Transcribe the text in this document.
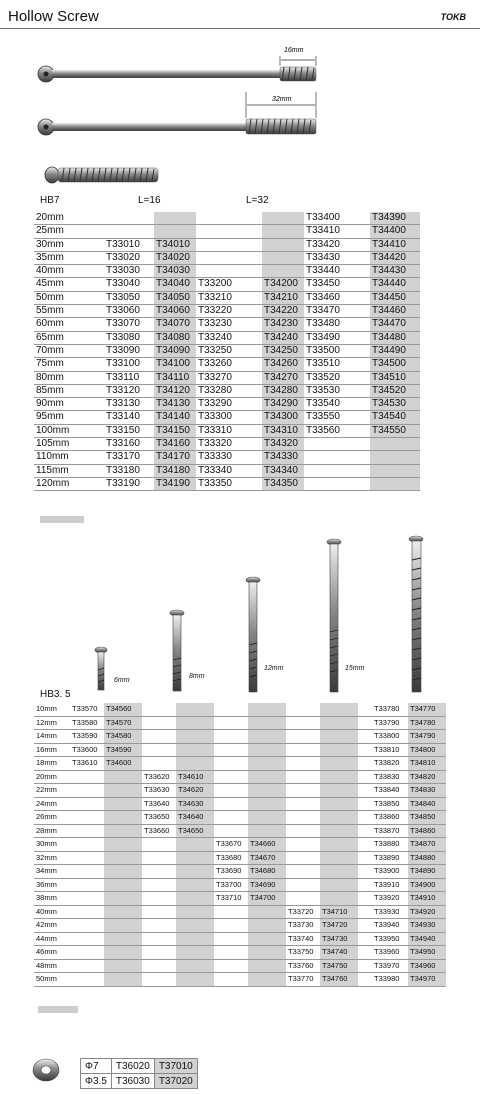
Hollow Screw	TOKB
16mm
32mm
HB7	L=16	L=32
20mm					T33400	T34390
25mm					T33410	T34400
30mm	T33010	T34010			T33420	T34410
35mm	T33020	T34020			T33430	T34420
40mm	T33030	T34030			T33440	T34430
45mm	T33040	T34040	T33200	T34200	T33450	T34440
50mm	T33050	T34050	T33210	T34210	T33460	T34450
55mm	T33060	T34060	T33220	T34220	T33470	T34460
60mm	T33070	T34070	T33230	T34230	T33480	T34470
65mm	T33080	T34080	T33240	T34240	T33490	T34480
70mm	T33090	T34090	T33250	T34250	T33500	T34490
75mm	T33100	T34100	T33260	T34260	T33510	T34500
80mm	T33110	T34110	T33270	T34270	T33520	T34510
85mm	T33120	T34120	T33280	T34280	T33530	T34520
90mm	T33130	T34130	T33290	T34290	T33540	T34530
95mm	T33140	T34140	T33300	T34300	T33550	T34540
100mm	T33150	T34150	T33310	T34310	T33560	T34550
105mm	T33160	T34160	T33320	T34320		
110mm	T33170	T34170	T33330	T34330		
115mm	T33180	T34180	T33340	T34340		
120mm	T33190	T34190	T33350	T34350		
6mm
8mm
12mm	15mm
HB3. 5
10mm	T33570	T34560									T33780	T34770
12mm	T33580	T34570									T33790	T34780
14mm	T33590	T34580									T33800	T34790
16mm	T33600	T34590									T33810	T34800
18mm	T33610	T34600									T33820	T34810
20mm			T33620	T34610							T33830	T34820
22mm			T33630	T34620							T33840	T34830
24mm			T33640	T34630							T33850	T34840
26mm			T33650	T34640							T33860	T34850
28mm			T33660	T34650							T33870	T34860
30mm					T33670	T34660					T33880	T34870
32mm					T33680	T34670					T33890	T34880
34mm					T33690	T34680					T33900	T34890
36mm					T33700	T34690					T33910	T34900
38mm					T33710	T34700					T33920	T34910
40mm							T33720	T34710			T33930	T34920
42mm							T33730	T34720			T33940	T34930
44mm							T33740	T34730			T33950	T34940
46mm							T33750	T34740			T33960	T34950
48mm							T33760	T34750			T33970	T34960
50mm							T33770	T34760			T33980	T34970
Φ7	T36020	T37010
Φ3.5	T36030	T37020
